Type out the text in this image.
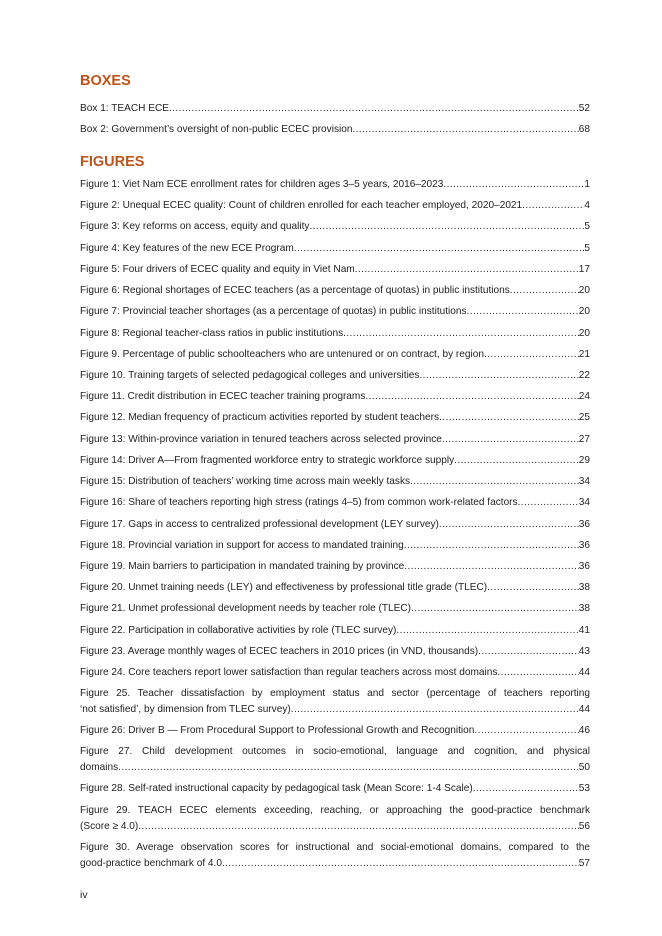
BOXES
Box 1: TEACH ECE .....	52
Box 2: Government’s oversight of non-public ECEC provision .....	68
FIGURES
Figure 1: Viet Nam ECE enrollment rates for children ages 3–5 years, 2016–2023 .....	1
Figure 2: Unequal ECEC quality: Count of children enrolled for each teacher employed, 2020–2021 .....	4
Figure 3: Key reforms on access, equity and quality .....	5
Figure 4: Key features of the new ECE Program .....	5
Figure 5: Four drivers of ECEC quality and equity in Viet Nam .....	17
Figure 6: Regional shortages of ECEC teachers (as a percentage of quotas) in public institutions .....	20
Figure 7: Provincial teacher shortages (as a percentage of quotas) in public institutions .....	20
Figure 8: Regional teacher-class ratios in public institutions .....	20
Figure 9. Percentage of public schoolteachers who are untenured or on contract, by region .....	21
Figure 10. Training targets of selected pedagogical colleges and universities .....	22
Figure 11. Credit distribution in ECEC teacher training programs .....	24
Figure 12. Median frequency of practicum activities reported by student teachers .....	25
Figure 13: Within-province variation in tenured teachers across selected province .....	27
Figure 14: Driver A—From fragmented workforce entry to strategic workforce supply .....	29
Figure 15: Distribution of teachers’ working time across main weekly tasks .....	34
Figure 16: Share of teachers reporting high stress (ratings 4–5) from common work-related factors .....	34
Figure 17. Gaps in access to centralized professional development (LEY survey) .....	36
Figure 18. Provincial variation in support for access to mandated training .....	36
Figure 19. Main barriers to participation in mandated training by province .....	36
Figure 20. Unmet training needs (LEY) and effectiveness by professional title grade (TLEC) .....	38
Figure 21. Unmet professional development needs by teacher role (TLEC) .....	38
Figure 22. Participation in collaborative activities by role (TLEC survey) .....	41
Figure 23. Average monthly wages of ECEC teachers in 2010 prices (in VND, thousands) .....	43
Figure 24. Core teachers report lower satisfaction than regular teachers across most domains .....	44
Figure 25. Teacher dissatisfaction by employment status and sector (percentage of teachers reporting
‘not satisfied’, by dimension from TLEC survey) .....	44
Figure 26: Driver B — From Procedural Support to Professional Growth and Recognition .....	46
Figure 27. Child development outcomes in socio-emotional, language and cognition, and physical
domains .....	50
Figure 28. Self-rated instructional capacity by pedagogical task (Mean Score: 1-4 Scale) .....	53
Figure 29. TEACH ECEC elements exceeding, reaching, or approaching the good-practice benchmark
(Score ≥ 4.0) .....	56
Figure 30. Average observation scores for instructional and social-emotional domains, compared to the
good-practice benchmark of 4.0 .....	57
iv
